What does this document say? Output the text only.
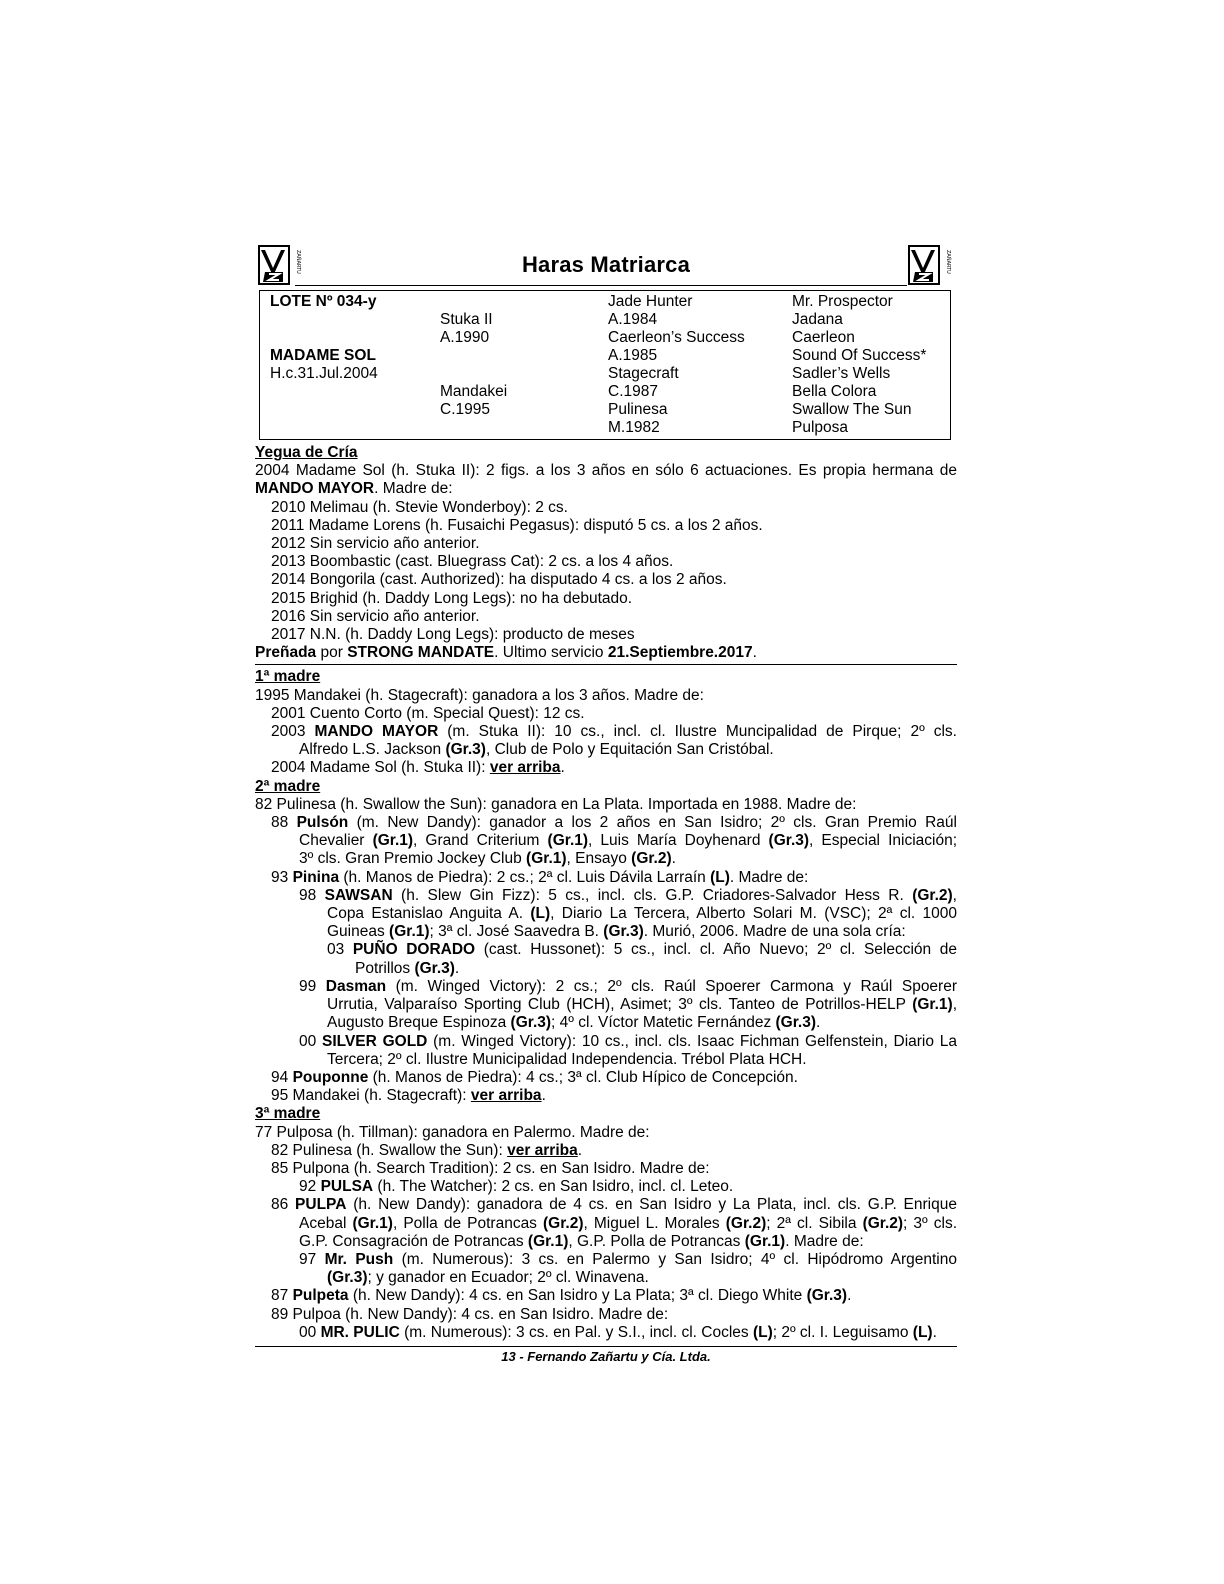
ZAÑARTU	Haras Matriarca	ZAÑARTU
LOTE Nº 034-y
MADAME SOL
H.c.31.Jul.2004
Stuka II
A.1990
Mandakei
C.1995
Jade Hunter
A.1984
Caerleon’s Success
A.1985
Stagecraft
C.1987
Pulinesa
M.1982
Mr. Prospector
Jadana
Caerleon
Sound Of Success*
Sadler’s Wells
Bella Colora
Swallow The Sun
Pulposa
Yegua de Cría
2004 Madame Sol (h. Stuka II): 2 figs. a los 3 años en sólo 6 actuaciones. Es propia hermana de
MANDO MAYOR. Madre de:
2010 Melimau (h. Stevie Wonderboy): 2 cs.
2011 Madame Lorens (h. Fusaichi Pegasus): disputó 5 cs. a los 2 años.
2012 Sin servicio año anterior.
2013 Boombastic (cast. Bluegrass Cat): 2 cs. a los 4 años.
2014 Bongorila (cast. Authorized): ha disputado 4 cs. a los 2 años.
2015 Brighid (h. Daddy Long Legs): no ha debutado.
2016 Sin servicio año anterior.
2017 N.N. (h. Daddy Long Legs): producto de meses
Preñada por STRONG MANDATE. Ultimo servicio 21.Septiembre.2017.
1ª madre
1995 Mandakei (h. Stagecraft): ganadora a los 3 años. Madre de:
2001 Cuento Corto (m. Special Quest): 12 cs.
2003 MANDO MAYOR (m. Stuka II): 10 cs., incl. cl. Ilustre Muncipalidad de Pirque; 2º cls.
Alfredo L.S. Jackson (Gr.3), Club de Polo y Equitación San Cristóbal.
2004 Madame Sol (h. Stuka II): ver arriba.
2ª madre
82 Pulinesa (h. Swallow the Sun): ganadora en La Plata. Importada en 1988. Madre de:
88 Pulsón (m. New Dandy): ganador a los 2 años en San Isidro; 2º cls. Gran Premio Raúl
Chevalier (Gr.1), Grand Criterium (Gr.1), Luis María Doyhenard (Gr.3), Especial Iniciación;
3º cls. Gran Premio Jockey Club (Gr.1), Ensayo (Gr.2).
93 Pinina (h. Manos de Piedra): 2 cs.; 2ª cl. Luis Dávila Larraín (L). Madre de:
98 SAWSAN (h. Slew Gin Fizz): 5 cs., incl. cls. G.P. Criadores-Salvador Hess R. (Gr.2),
Copa Estanislao Anguita A. (L), Diario La Tercera, Alberto Solari M. (VSC); 2ª cl. 1000
Guineas (Gr.1); 3ª cl. José Saavedra B. (Gr.3). Murió, 2006. Madre de una sola cría:
03 PUÑO DORADO (cast. Hussonet): 5 cs., incl. cl. Año Nuevo; 2º cl. Selección de
Potrillos (Gr.3).
99 Dasman (m. Winged Victory): 2 cs.; 2º cls. Raúl Spoerer Carmona y Raúl Spoerer
Urrutia, Valparaíso Sporting Club (HCH), Asimet; 3º cls. Tanteo de Potrillos-HELP (Gr.1),
Augusto Breque Espinoza (Gr.3); 4º cl. Víctor Matetic Fernández (Gr.3).
00 SILVER GOLD (m. Winged Victory): 10 cs., incl. cls. Isaac Fichman Gelfenstein, Diario La
Tercera; 2º cl. Ilustre Municipalidad Independencia. Trébol Plata HCH.
94 Pouponne (h. Manos de Piedra): 4 cs.; 3ª cl. Club Hípico de Concepción.
95 Mandakei (h. Stagecraft): ver arriba.
3ª madre
77 Pulposa (h. Tillman): ganadora en Palermo. Madre de:
82 Pulinesa (h. Swallow the Sun): ver arriba.
85 Pulpona (h. Search Tradition): 2 cs. en San Isidro. Madre de:
92 PULSA (h. The Watcher): 2 cs. en San Isidro, incl. cl. Leteo.
86 PULPA (h. New Dandy): ganadora de 4 cs. en San Isidro y La Plata, incl. cls. G.P. Enrique
Acebal (Gr.1), Polla de Potrancas (Gr.2), Miguel L. Morales (Gr.2); 2ª cl. Sibila (Gr.2); 3º cls.
G.P. Consagración de Potrancas (Gr.1), G.P. Polla de Potrancas (Gr.1). Madre de:
97 Mr. Push (m. Numerous): 3 cs. en Palermo y San Isidro; 4º cl. Hipódromo Argentino
(Gr.3); y ganador en Ecuador; 2º cl. Winavena.
87 Pulpeta (h. New Dandy): 4 cs. en San Isidro y La Plata; 3ª cl. Diego White (Gr.3).
89 Pulpoa (h. New Dandy): 4 cs. en San Isidro. Madre de:
00 MR. PULIC (m. Numerous): 3 cs. en Pal. y S.I., incl. cl. Cocles (L); 2º cl. I. Leguisamo (L).
13 - Fernando Zañartu y Cía. Ltda.
